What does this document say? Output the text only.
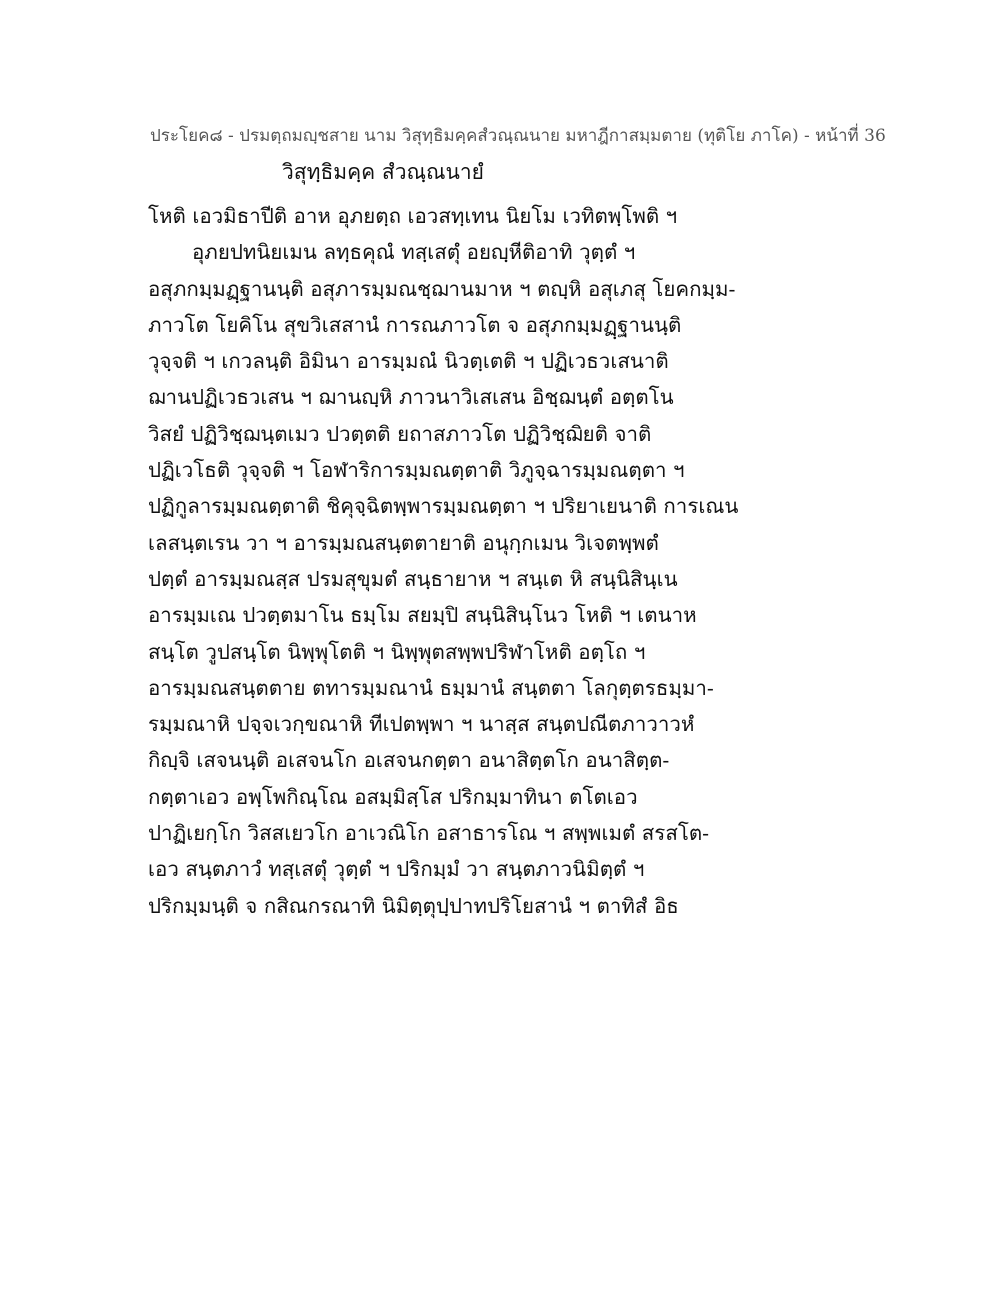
ประโยค๘ - ปรมตฺถมญฺชสาย นาม วิสุทฺธิมคฺคสํวณฺณนาย มหาฎีกาสมฺมตาย (ทุติโย ภาโค) - หน้าที่ 36
วิสุทฺธิมคฺค สํวณฺณนายํ
โหติ เอวมิธาปีติ อาห อุภยตฺถ เอวสทฺเทน นิยโม เวทิตพฺโพติ ฯ
อุภยปทนิยเมน ลทฺธคุณํ ทสฺเสตุํ อยญฺหีติอาทิ วุตฺตํ ฯ
อสุภกมฺมฏฺฐานนฺติ อสุภารมฺมณชฺฌานมาห ฯ ตญฺหิ อสุเภสุ โยคกมฺม-
ภาวโต โยคิโน สุขวิเสสานํ การณภาวโต จ อสุภกมฺมฏฺฐานนฺติ
วุจฺจติ ฯ เกวลนฺติ อิมินา อารมฺมณํ นิวตฺเตติ ฯ ปฏิเวธวเสนาติ
ฌานปฏิเวธวเสน ฯ ฌานญฺหิ ภาวนาวิเสเสน อิชฺฌนฺตํ อตฺตโน
วิสยํ ปฏิวิชฺฌนฺตเมว ปวตฺตติ ยถาสภาวโต ปฏิวิชฺฌิยติ จาติ
ปฏิเวโธติ วุจฺจติ ฯ โอฬาริการมฺมณตฺตาติ วิภูจฺฉารมฺมณตฺตา ฯ
ปฏิกูลารมฺมณตฺตาติ ชิคุจฺฉิตพฺพารมฺมณตฺตา ฯ ปริยาเยนาติ การเณน
เลสนฺตเรน วา ฯ อารมฺมณสนฺตตายาติ อนุกฺกเมน วิเจตพฺพตํ
ปตฺตํ อารมฺมณสฺส ปรมสุขุมตํ สนฺธายาห ฯ สนฺเต หิ สนฺนิสินฺเน
อารมฺมเณ ปวตฺตมาโน ธมฺโม สยมฺปิ สนฺนิสินฺโนว โหติ ฯ เตนาห
สนฺโต วูปสนฺโต นิพฺพุโตติ ฯ นิพฺพุตสพฺพปริฬาโหติ อตฺโถ ฯ
อารมฺมณสนฺตตาย ตทารมฺมณานํ ธมฺมานํ สนฺตตา โลกุตฺตรธมฺมา-
รมฺมณาหิ ปจฺจเวกฺขณาหิ ทีเปตพฺพา ฯ นาสฺส สนฺตปณีตภาวาวหํ
กิญฺจิ เสจนนฺติ อเสจนโก อเสจนกตฺตา อนาสิตฺตโก อนาสิตฺต-
กตฺตาเอว อพฺโพกิณฺโณ อสมฺมิสฺโส ปริกมฺมาทินา ตโตเอว
ปาฏิเยกฺโก วิสสเยวโก อาเวณิโก อสาธารโณ ฯ สพฺพเมตํ สรสโต-
เอว สนฺตภาวํ ทสฺเสตุํ วุตฺตํ ฯ ปริกมฺมํ วา สนฺตภาวนิมิตฺตํ ฯ
ปริกมฺมนฺติ จ กสิณกรณาทิ นิมิตฺตุปฺปาทปริโยสานํ ฯ ตาทิสํ อิธ
